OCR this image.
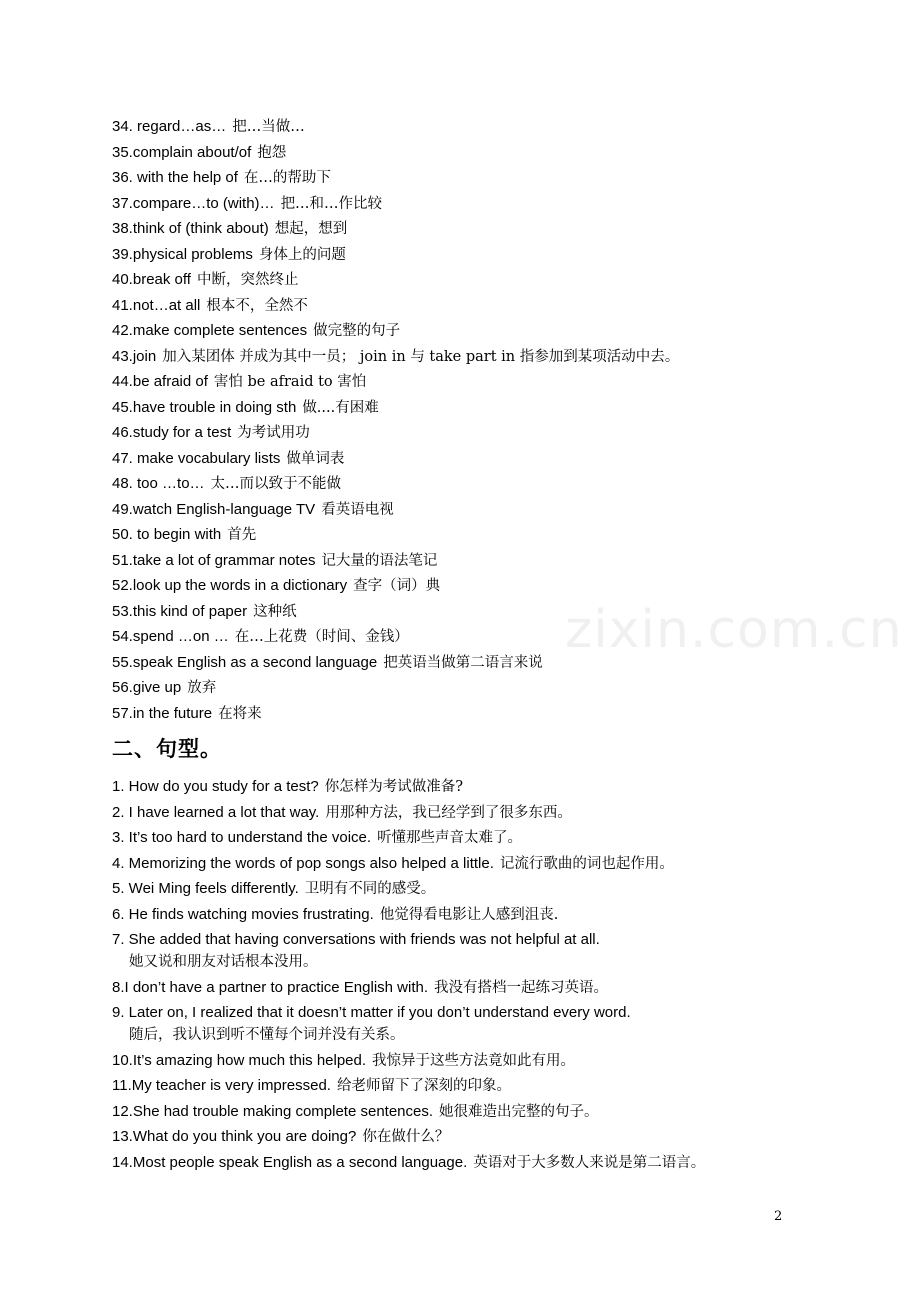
34. regard…as… 把…当做…
35.complain about/of 抱怨
36. with the help of 在…的帮助下
37.compare…to (with)… 把…和…作比较
38.think of (think about) 想起，想到
39.physical problems 身体上的问题
40.break off 中断，突然终止
41.not…at all 根本不，全然不
42.make complete sentences 做完整的句子
43.join 加入某团体 并成为其中一员； join in 与 take part in 指参加到某项活动中去。
44.be afraid of 害怕 be afraid to 害怕
45.have trouble in doing sth 做....有困难
46.study for a test 为考试用功
47. make vocabulary lists 做单词表
48. too …to… 太…而以致于不能做
49.watch English-language TV 看英语电视
50. to begin with 首先
51.take a lot of grammar notes 记大量的语法笔记
52.look up the words in a dictionary 查字（词）典
53.this kind of paper 这种纸
54.spend …on … 在…上花费（时间、金钱）
55.speak English as a second language 把英语当做第二语言来说
56.give up 放弃
57.in the future 在将来
二、句型。
1. How do you study for a test? 你怎样为考试做准备?
2. I have learned a lot that way. 用那种方法，我已经学到了很多东西。
3. It’s too hard to understand the voice. 听懂那些声音太难了。
4. Memorizing the words of pop songs also helped a little. 记流行歌曲的词也起作用。
5. Wei Ming feels differently. 卫明有不同的感受。
6. He finds watching movies frustrating. 他觉得看电影让人感到沮丧.
7. She added that having conversations with friends was not helpful at all.
她又说和朋友对话根本没用。
8.I don’t have a partner to practice English with. 我没有搭档一起练习英语。
9. Later on, I realized that it doesn’t matter if you don’t understand every word.
随后，我认识到听不懂每个词并没有关系。
10.It’s amazing how much this helped. 我惊异于这些方法竟如此有用。
11.My teacher is very impressed. 给老师留下了深刻的印象。
12.She had trouble making complete sentences. 她很难造出完整的句子。
13.What do you think you are doing? 你在做什么？
14.Most people speak English as a second language. 英语对于大多数人来说是第二语言。
zixin.com.cn
2
